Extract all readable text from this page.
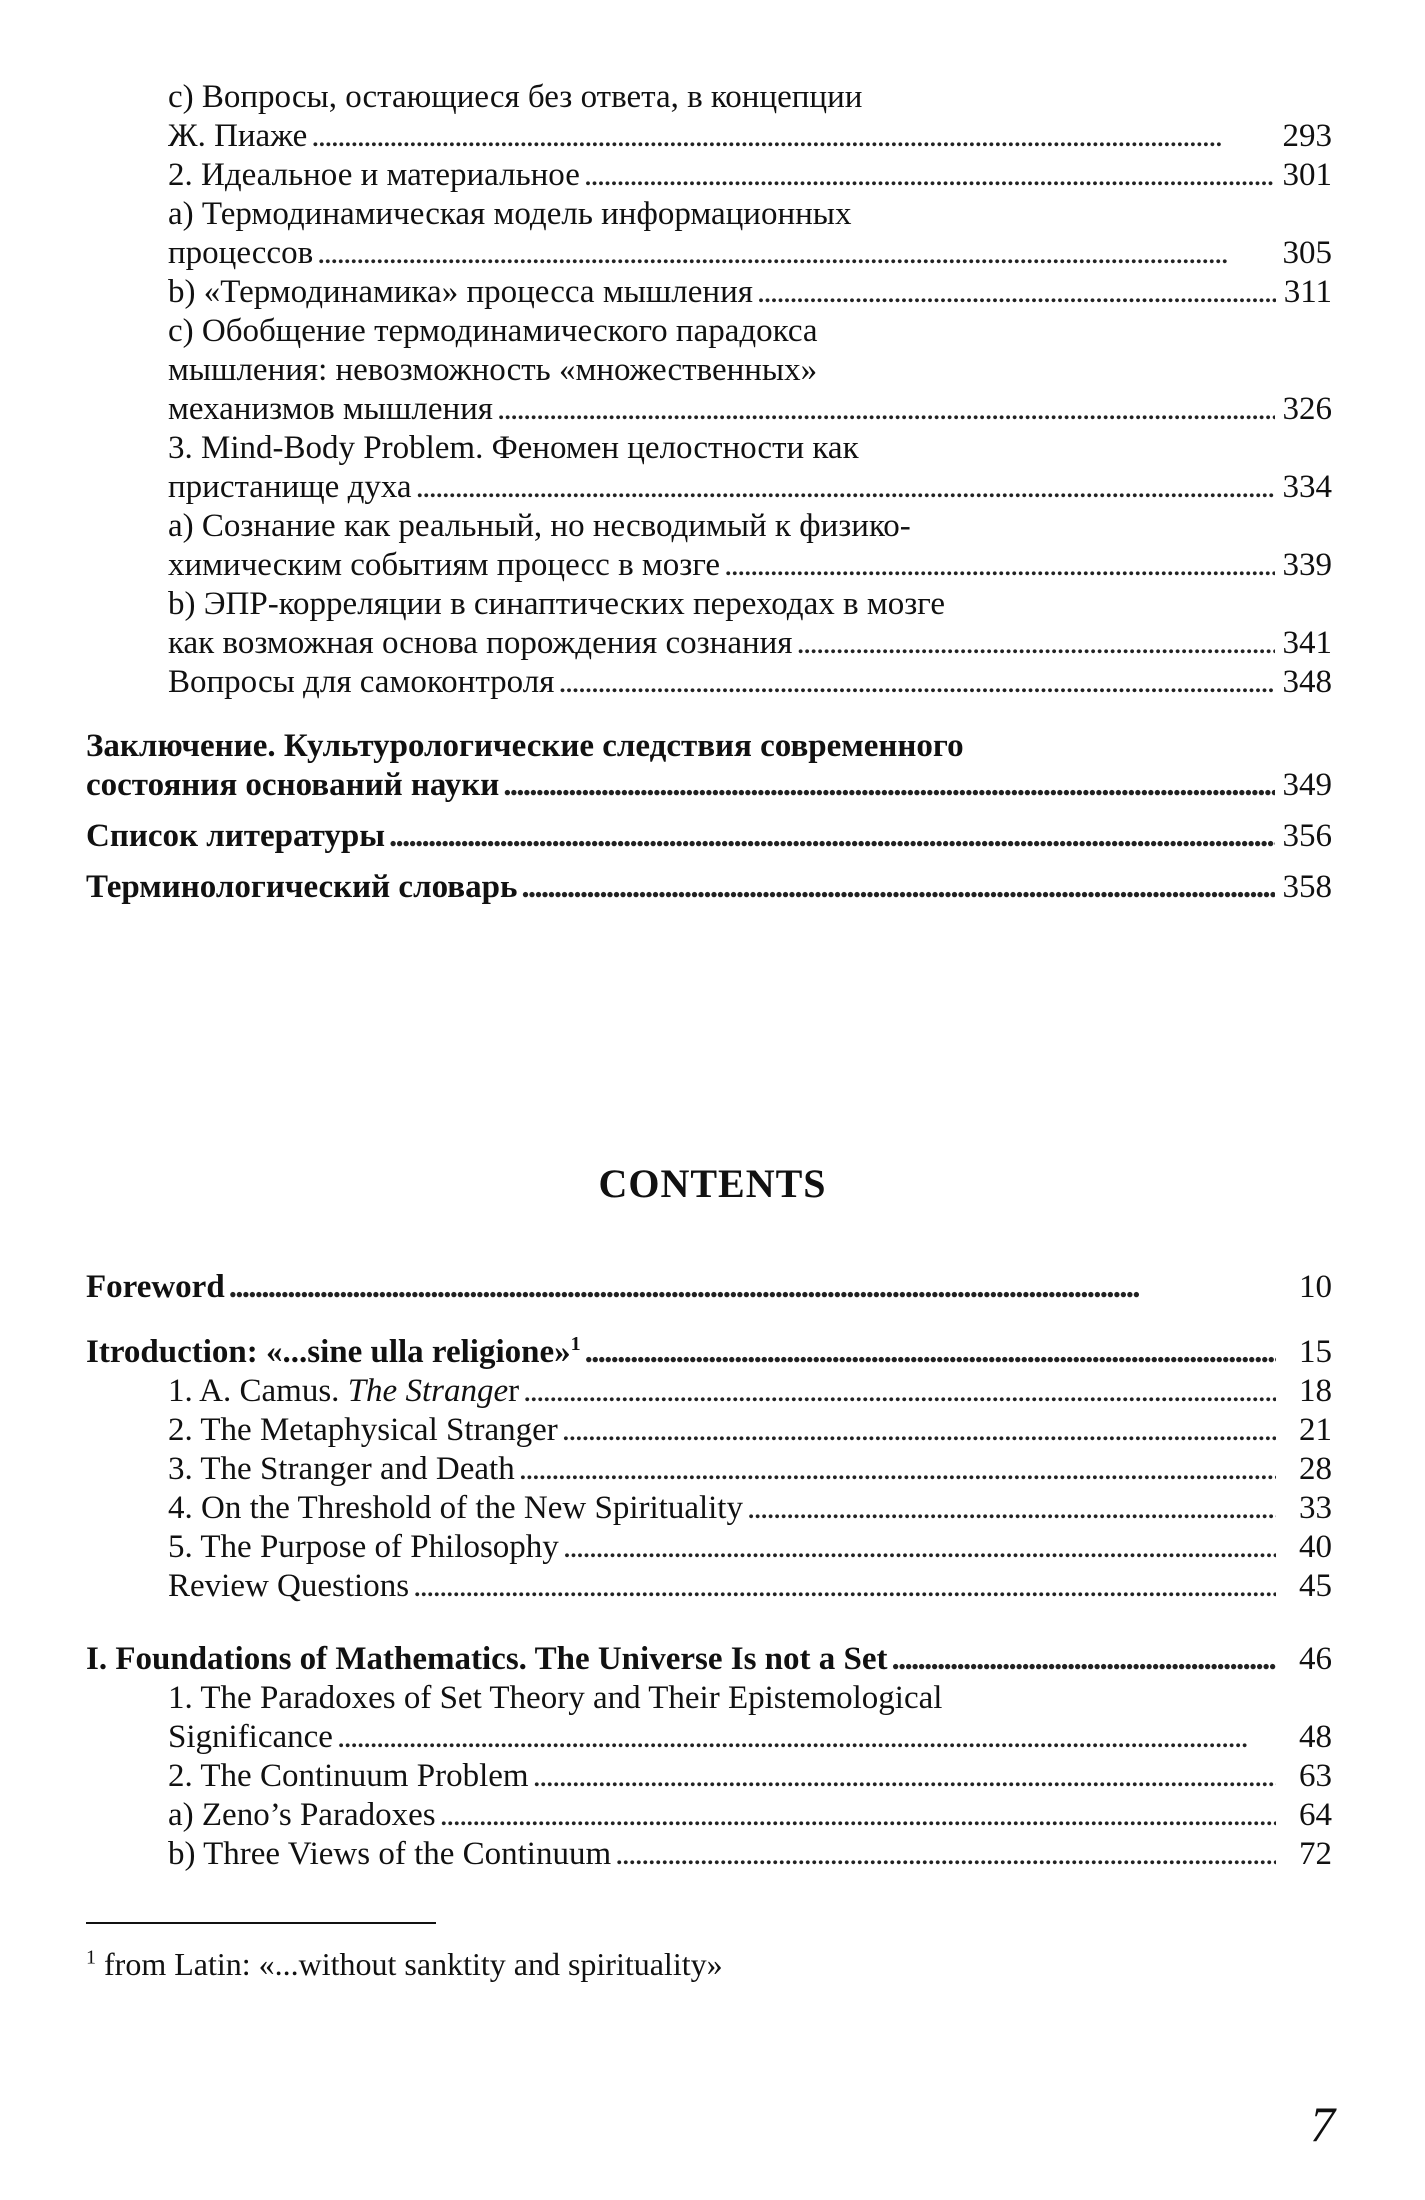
с) Вопросы, остающиеся без ответа, в концепции
Ж. Пиаже . . .	293
2. Идеальное и материальное . . .	301
а) Термодинамическая модель информационных
процессов . . .	305
b) «Термодинамика» процесса мышления . . .	311
с) Обобщение термодинамического парадокса
мышления: невозможность «множественных»
механизмов мышления . . .	326
3. Mind-Body Problem. Феномен целостности как
пристанище духа . . .	334
а) Сознание как реальный, но несводимый к физико-
химическим событиям процесс в мозге . . .	339
b) ЭПР-корреляции в синаптических переходах в мозге
как возможная основа порождения сознания . . .	341
Вопросы для самоконтроля . . .	348
Заключение. Культурологические следствия современного
состояния оснований науки . . .	349
Список литературы . . .	356
Терминологический словарь . . .	358
CONTENTS
Foreword . . .	10
Itroduction: «...sine ulla religione»$^1$ . . .	15
1. A. Camus. The Stranger . . .	18
2. The Metaphysical Stranger . . .	21
3. The Stranger and Death . . .	28
4. On the Threshold of the New Spirituality . . .	33
5. The Purpose of Philosophy . . .	40
Review Questions . . .	45
I. Foundations of Mathematics. The Universe Is not a Set . . .	46
1. The Paradoxes of Set Theory and Their Epistemological
Significance . . .	48
2. The Continuum Problem . . .	63
a) Zeno’s Paradoxes . . .	64
b) Three Views of the Continuum . . .	72
$^1$ from Latin: «...without sanktity and spirituality»
7
